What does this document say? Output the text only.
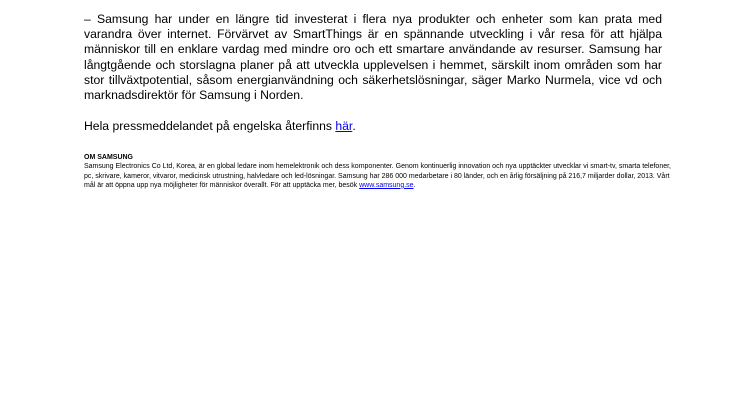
– Samsung har under en längre tid investerat i flera nya produkter och enheter som kan prata med varandra över internet. Förvärvet av SmartThings är en spännande utveckling i vår resa för att hjälpa människor till en enklare vardag med mindre oro och ett smartare användande av resurser. Samsung har långtgående och storslagna planer på att utveckla upplevelsen i hemmet, särskilt inom områden som har stor tillväxtpotential, såsom energianvändning och säkerhetslösningar, säger Marko Nurmela, vice vd och marknadsdirektör för Samsung i Norden.

Hela pressmeddelandet på engelska återfinns här.

OM SAMSUNG

Samsung Electronics Co Ltd, Korea, är en global ledare inom hemelektronik och dess komponenter. Genom kontinuerlig innovation och nya upptäckter utvecklar vi smart-tv, smarta telefoner, pc, skrivare, kameror, vitvaror, medicinsk utrustning, halvledare och led-lösningar. Samsung har 286 000 medarbetare i 80 länder, och en årlig försäljning på 216,7 miljarder dollar, 2013. Vårt mål är att öppna upp nya möjligheter för människor överallt. För att upptäcka mer, besök www.samsung.se.
